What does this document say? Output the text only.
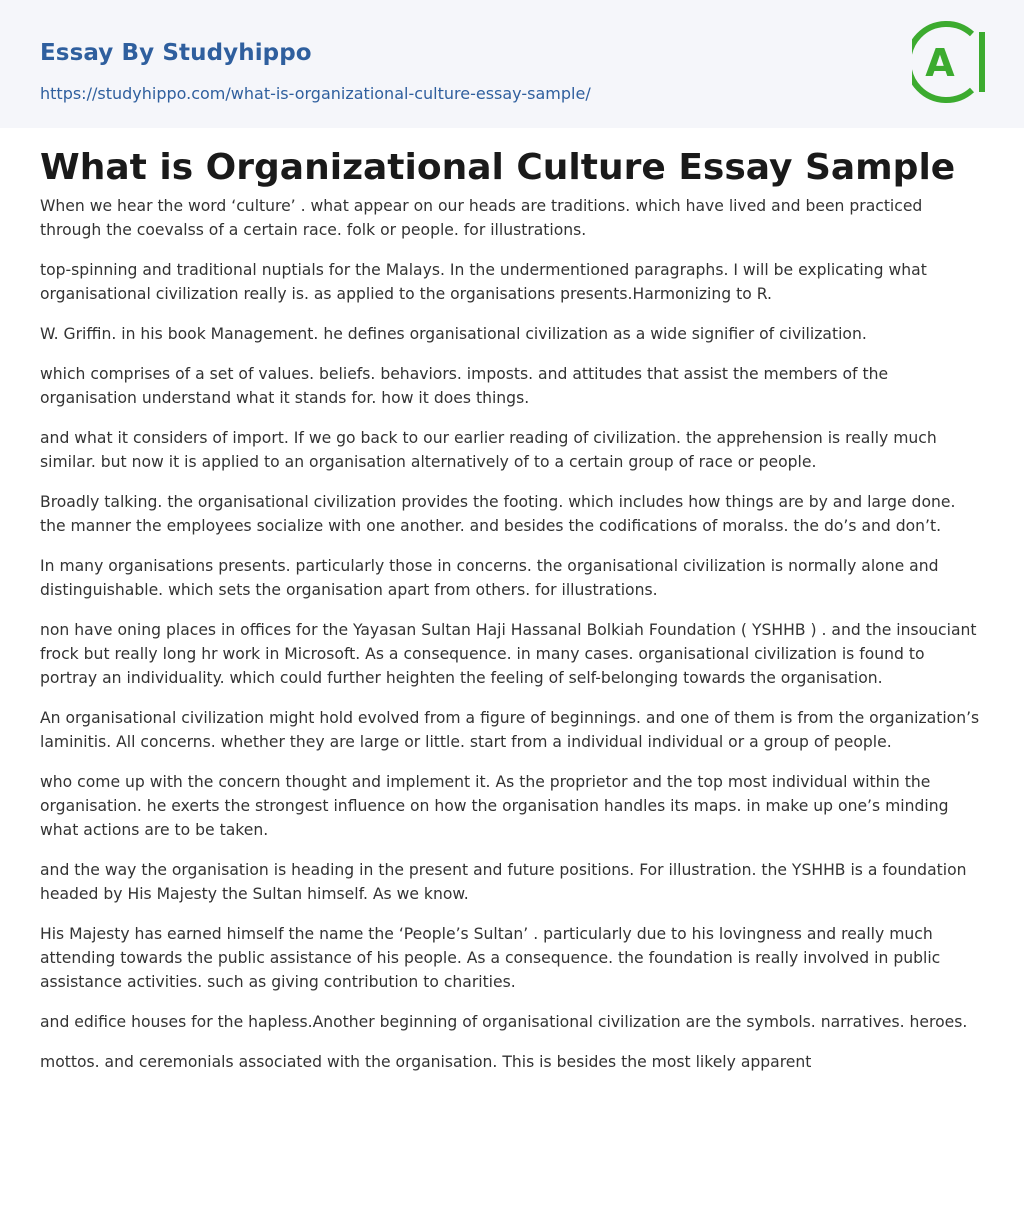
Essay By Studyhippo
https://studyhippo.com/what-is-organizational-culture-essay-sample/
A
What is Organizational Culture Essay Sample

When we hear the word ‘culture’ . what appear on our heads are traditions. which have lived and been practiced through the coevalss of a certain race. folk or people. for illustrations.

top-spinning and traditional nuptials for the Malays. In the undermentioned paragraphs. I will be explicating what organisational civilization really is. as applied to the organisations presents.Harmonizing to R.

W. Griffin. in his book Management. he defines organisational civilization as a wide signifier of civilization.

which comprises of a set of values. beliefs. behaviors. imposts. and attitudes that assist the members of the organisation understand what it stands for. how it does things.

and what it considers of import. If we go back to our earlier reading of civilization. the apprehension is really much similar. but now it is applied to an organisation alternatively of to a certain group of race or people.

Broadly talking. the organisational civilization provides the footing. which includes how things are by and large done. the manner the employees socialize with one another. and besides the codifications of moralss. the do’s and don’t.

In many organisations presents. particularly those in concerns. the organisational civilization is normally alone and distinguishable. which sets the organisation apart from others. for illustrations.

non have oning places in offices for the Yayasan Sultan Haji Hassanal Bolkiah Foundation ( YSHHB ) . and the insouciant frock but really long hr work in Microsoft. As a consequence. in many cases. organisational civilization is found to portray an individuality. which could further heighten the feeling of self-belonging towards the organisation.

An organisational civilization might hold evolved from a figure of beginnings. and one of them is from the organization’s laminitis. All concerns. whether they are large or little. start from a individual individual or a group of people.

who come up with the concern thought and implement it. As the proprietor and the top most individual within the organisation. he exerts the strongest influence on how the organisation handles its maps. in make up one’s minding what actions are to be taken.

and the way the organisation is heading in the present and future positions. For illustration. the YSHHB is a foundation headed by His Majesty the Sultan himself. As we know.

His Majesty has earned himself the name the ‘People’s Sultan’ . particularly due to his lovingness and really much attending towards the public assistance of his people. As a consequence. the foundation is really involved in public assistance activities. such as giving contribution to charities.

and edifice houses for the hapless.Another beginning of organisational civilization are the symbols. narratives. heroes.

mottos. and ceremonials associated with the organisation. This is besides the most likely apparent
